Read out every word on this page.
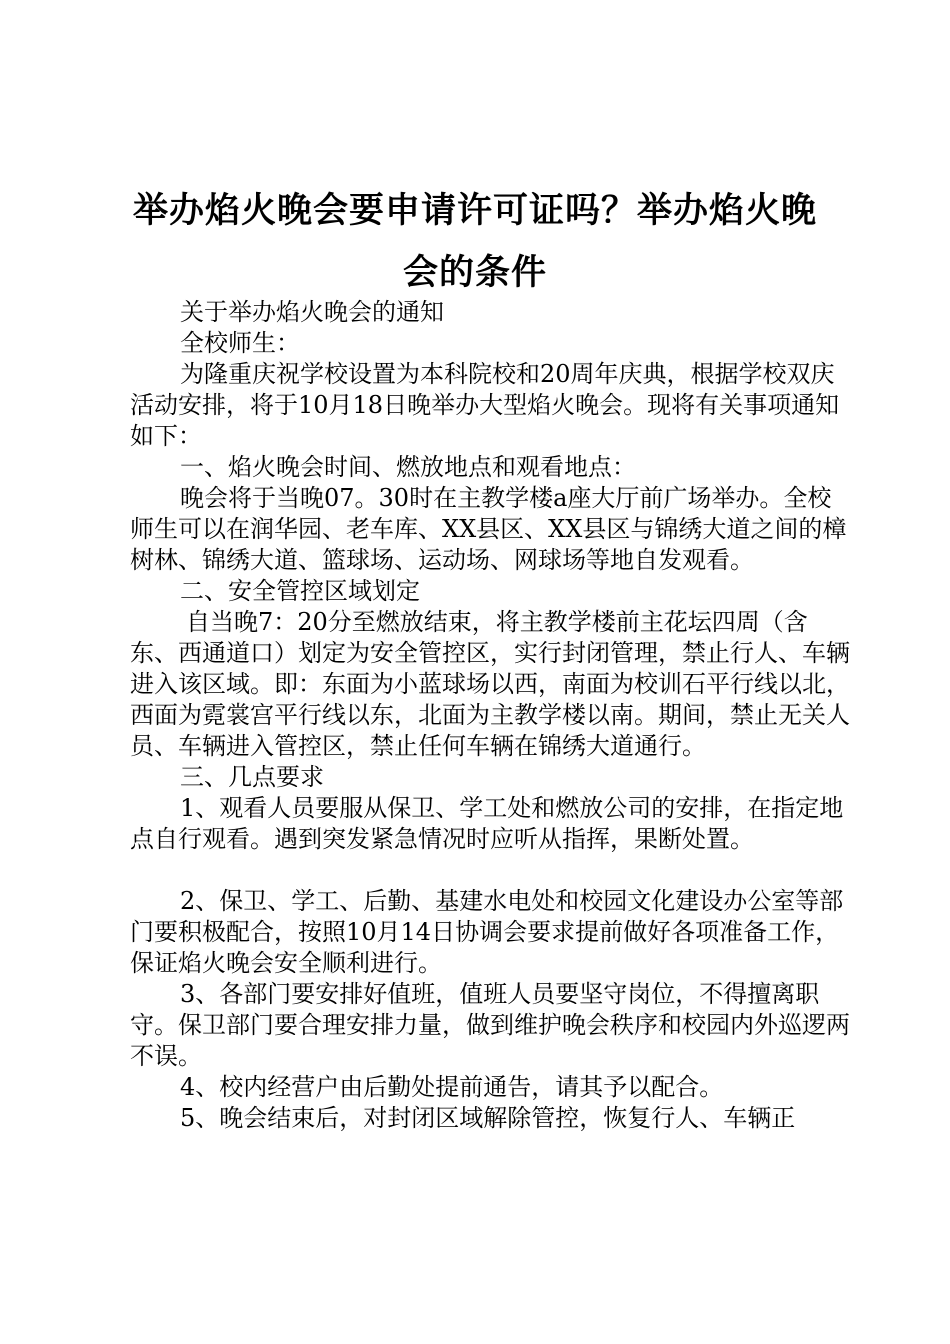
举办焰火晚会要申请许可证吗？举办焰火晚会的条件

关于举办焰火晚会的通知

全校师生：

为隆重庆祝学校设置为本科院校和20周年庆典，根据学校双庆活动安排，将于10月18日晚举办大型焰火晚会。现将有关事项通知如下：

一、焰火晚会时间、燃放地点和观看地点：

晚会将于当晚07。30时在主教学楼a座大厅前广场举办。全校师生可以在润华园、老车库、XX县区、XX县区与锦绣大道之间的樟树林、锦绣大道、篮球场、运动场、网球场等地自发观看。

二、安全管控区域划定

自当晚7：20分至燃放结束，将主教学楼前主花坛四周（含东、西通道口）划定为安全管控区，实行封闭管理，禁止行人、车辆进入该区域。即：东面为小蓝球场以西，南面为校训石平行线以北，西面为霓裳宫平行线以东，北面为主教学楼以南。期间，禁止无关人员、车辆进入管控区，禁止任何车辆在锦绣大道通行。

三、几点要求

1、观看人员要服从保卫、学工处和燃放公司的安排，在指定地点自行观看。遇到突发紧急情况时应听从指挥，果断处置。

2、保卫、学工、后勤、基建水电处和校园文化建设办公室等部门要积极配合，按照10月14日协调会要求提前做好各项准备工作，保证焰火晚会安全顺利进行。

3、各部门要安排好值班，值班人员要坚守岗位，不得擅离职守。保卫部门要合理安排力量，做到维护晚会秩序和校园内外巡逻两不误。

4、校内经营户由后勤处提前通告，请其予以配合。

5、晚会结束后，对封闭区域解除管控，恢复行人、车辆正
